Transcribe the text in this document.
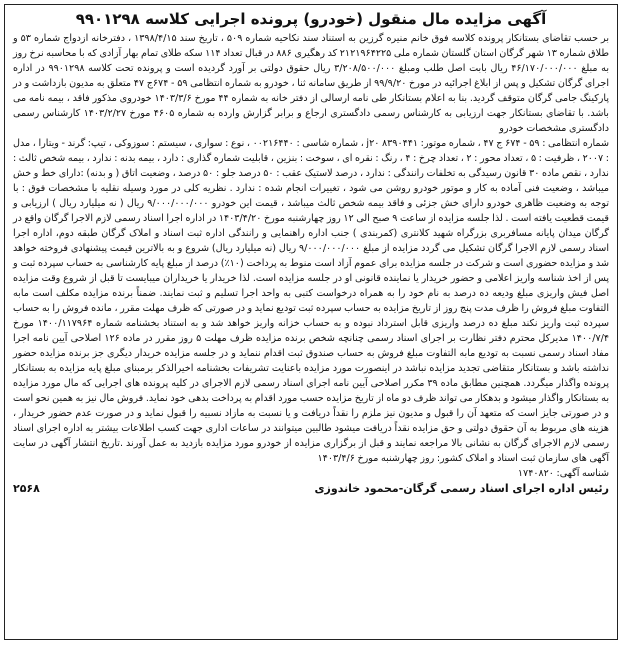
آگهی مزایده مال منقول (خودرو) پرونده اجرایی کلاسه ۹۹۰۱۲۹۸

بر حسب تقاضای بستانکار پرونده کلاسه فوق خانم منیره گرزین به استناد سند نکاحیه شماره ۵۰۹ ، تاریخ سند ۱۳۹۸/۴/۱۵ ، دفترخانه ازدواج شماره ۵۳ و طلاق شماره ۱۳ شهر گرگان استان گلستان شماره ملی ۲۱۲۱۹۶۴۲۲۵ کد رهگیری ۸۸۶ در قبال تعداد ۱۱۴ سکه طلای تمام بهار آزادی که با محاسبه نرخ روز به مبلغ ۴۶/۱۷۰/۰۰۰/۰۰۰ ریال بابت اصل طلب ومبلغ ۳/۲۰۸/۵۰۰/۰۰۰ ریال حقوق دولتی بر آورد گردیده است و پرونده تحت کلاسه ۹۹۰۱۲۹۸ در اداره اجرای گرگان تشکیل و پس از ابلاغ اجرائیه در مورخ ۹۹/۹/۲۰ از طریق سامانه ثنا ، خودرو به شماره انتظامی ۵۹ - ۶۷۴ج ۴۷ متعلق به مدیون بازداشت و در پارکینگ جامی گرگان متوقف گردید. بنا به اعلام بستانکار طی نامه ارسالی از دفتر خانه به شماره ۴۴ مورخ ۱۴۰۳/۳/۶ خودروی مذکور فاقد ، بیمه نامه می باشد. با تقاضای بستانکار جهت ارزیابی به کارشناس رسمی دادگستری ارجاع و برابر گزارش وارده به شماره ۴۶۰۵ مورخ ۱۴۰۳/۲/۲۷ کارشناس رسمی دادگستری مشخصات خودرو

شماره انتظامی : ۵۹ - ۶۷۴ ج ۴۷ ، شماره موتور: j۲۰ ۸۳۹۰۴۴۱ ، شماره شاسی : ۰۰۲۱۶۴۴۰ ، نوع : سواری ، سیستم : سوزوکی ، تیپ: گرند - ویتارا ، مدل : ۲۰۰۷ ، ظرفیت : ۵ ، تعداد محور : ۲ ، تعداد چرخ : ۴ ، رنگ : نقره ای ، سوخت : بنزین ، قابلیت شماره گذاری : دارد ، بیمه بدنه : ندارد ، بیمه شخص ثالث : ندارد ، نقص ماده ۳۰ قانون رسیدگی به تخلفات رانندگی : ندارد ، درصد لاستیک عقب : ۵۰ درصد جلو : ۵۰ درصد ، وضعیت اتاق ( و بدنه) :دارای خط و خش میباشد ، وضعیت فنی آماده به کار و موتور خودرو روشن می شود ، تغییرات انجام شده : ندارد . نظریه کلی در مورد وسیله نقلیه با مشخصات فوق : با توجه به وضعیت ظاهری خودرو دارای خش جزئی و فاقد بیمه شخص ثالث میباشد ، قیمت این خودرو ۹/۰۰۰/۰۰۰/۰۰۰ ریال ( نه میلیارد ریال ) ارزیابی و قیمت قطعیت یافته است . لذا جلسه مزایده از ساعت ۹ صبح الی ۱۲ روز چهارشنبه مورخ ۱۴۰۳/۴/۲۰ در اداره اجرا اسناد رسمی لازم الاجرا گرگان واقع در گرگان میدان پایانه مسافربری بزرگراه شهید کلانتری (کمربندی ) جنب اداره راهنمایی و رانندگی اداره ثبت اسناد و املاک گرگان طبقه دوم، اداره اجرا اسناد رسمی لازم الاجرا گرگان تشکیل می گردد مزایده از مبلغ ۹/۰۰۰/۰۰۰/۰۰۰ ریال (نه میلیارد ریال) شروع و به بالاترین قیمت پیشنهادی فروخته خواهد شد و مزایده حضوری است و شرکت در جلسه مزایده برای عموم آزاد است منوط به پرداخت (۱۰٪) درصد از مبلغ پایه کارشناسی به حساب سپرده ثبت و پس از اخذ شناسه واریز اعلامی و حضور خریدار یا نماینده قانونی او در جلسه مزایده است. لذا خریدار یا خریداران میبایست تا قبل از شروع وقت مزایده اصل فیش واریزی مبلغ ودیعه ده درصد به نام خود را به همراه درخواست کتبی به واحد اجرا تسلیم و ثبت نمایند. ضمناً برنده مزایده مکلف است مابه التفاوت مبلغ فروش را ظرف مدت پنج روز از تاریخ مزایده به حساب سپرده ثبت تودیع نماید و در صورتی که ظرف مهلت مقرر ، مانده فروش را به حساب سپرده ثبت واریز نکند مبلغ ده درصد واریزی قابل استرداد نبوده و به حساب خزانه واریز خواهد شد و به استناد بخشنامه شماره ۱۴۰۰/۱۱۷۹۶۴ مورخ ۱۴۰۰/۷/۴ مدیرکل محترم دفتر نظارت بر اجرای اسناد رسمی چنانچه شخص برنده مزایده ظرف مهلت ۵ روز مقرر در ماده ۱۲۶ اصلاحی آیین نامه اجرا مفاد اسناد رسمی نسبت به تودیع مابه التفاوت مبلغ فروش به حساب صندوق ثبت اقدام ننماید و در جلسه مزایده خریدار دیگری جز برنده مزایده حضور نداشته باشد و بستانکار متقاضی تجدید مزایده نباشد در اینصورت مورد مزایده باعنایت تشریفات بخشنامه اخیرالذکر برمبنای مبلغ پایه مزایده به بستانکار پرونده واگذار میگردد. همچنین مطابق ماده ۳۹ مکرر اصلاحی آیین نامه اجرای اسناد رسمی لازم الاجرای در کلیه پرونده های اجرایی که مال مورد مزایده به بستانکار واگذار میشود و بدهکار می تواند ظرف دو ماه از تاریخ مزایده حسب مورد اقدام به پرداخت بدهی خود نماید. فروش مال نیز به همین نحو است و در صورتی جایز است که متعهد آن را قبول و مدیون نیز ملزم را نقداً دریافت و یا نسبت به مازاد نسبیه را قبول نماید و در صورت عدم حضور خریدار ، هزینه های مربوط به آن حقوق دولتی و حق مزایده نقداً دریافت میشود طالبین میتوانند در ساعات اداری جهت کسب اطلاعات بیشتر به اداره اجرای اسناد رسمی لازم الاجرای گرگان به نشانی بالا مراجعه نمایند و قبل از برگزاری مزایده از خودرو مورد مزایده بازدید به عمل آورند .تاریخ انتشار آگهی در سایت آگهی های سازمان ثبت اسناد و املاک کشور: روز چهارشنبه مورخ ۱۴۰۳/۴/۶

شناسه آگهی: ۱۷۴۰۸۲۰

رئیس اداره اجرای اسناد رسمی گرگان-محمود خاندوزی
۲۵۶۸
